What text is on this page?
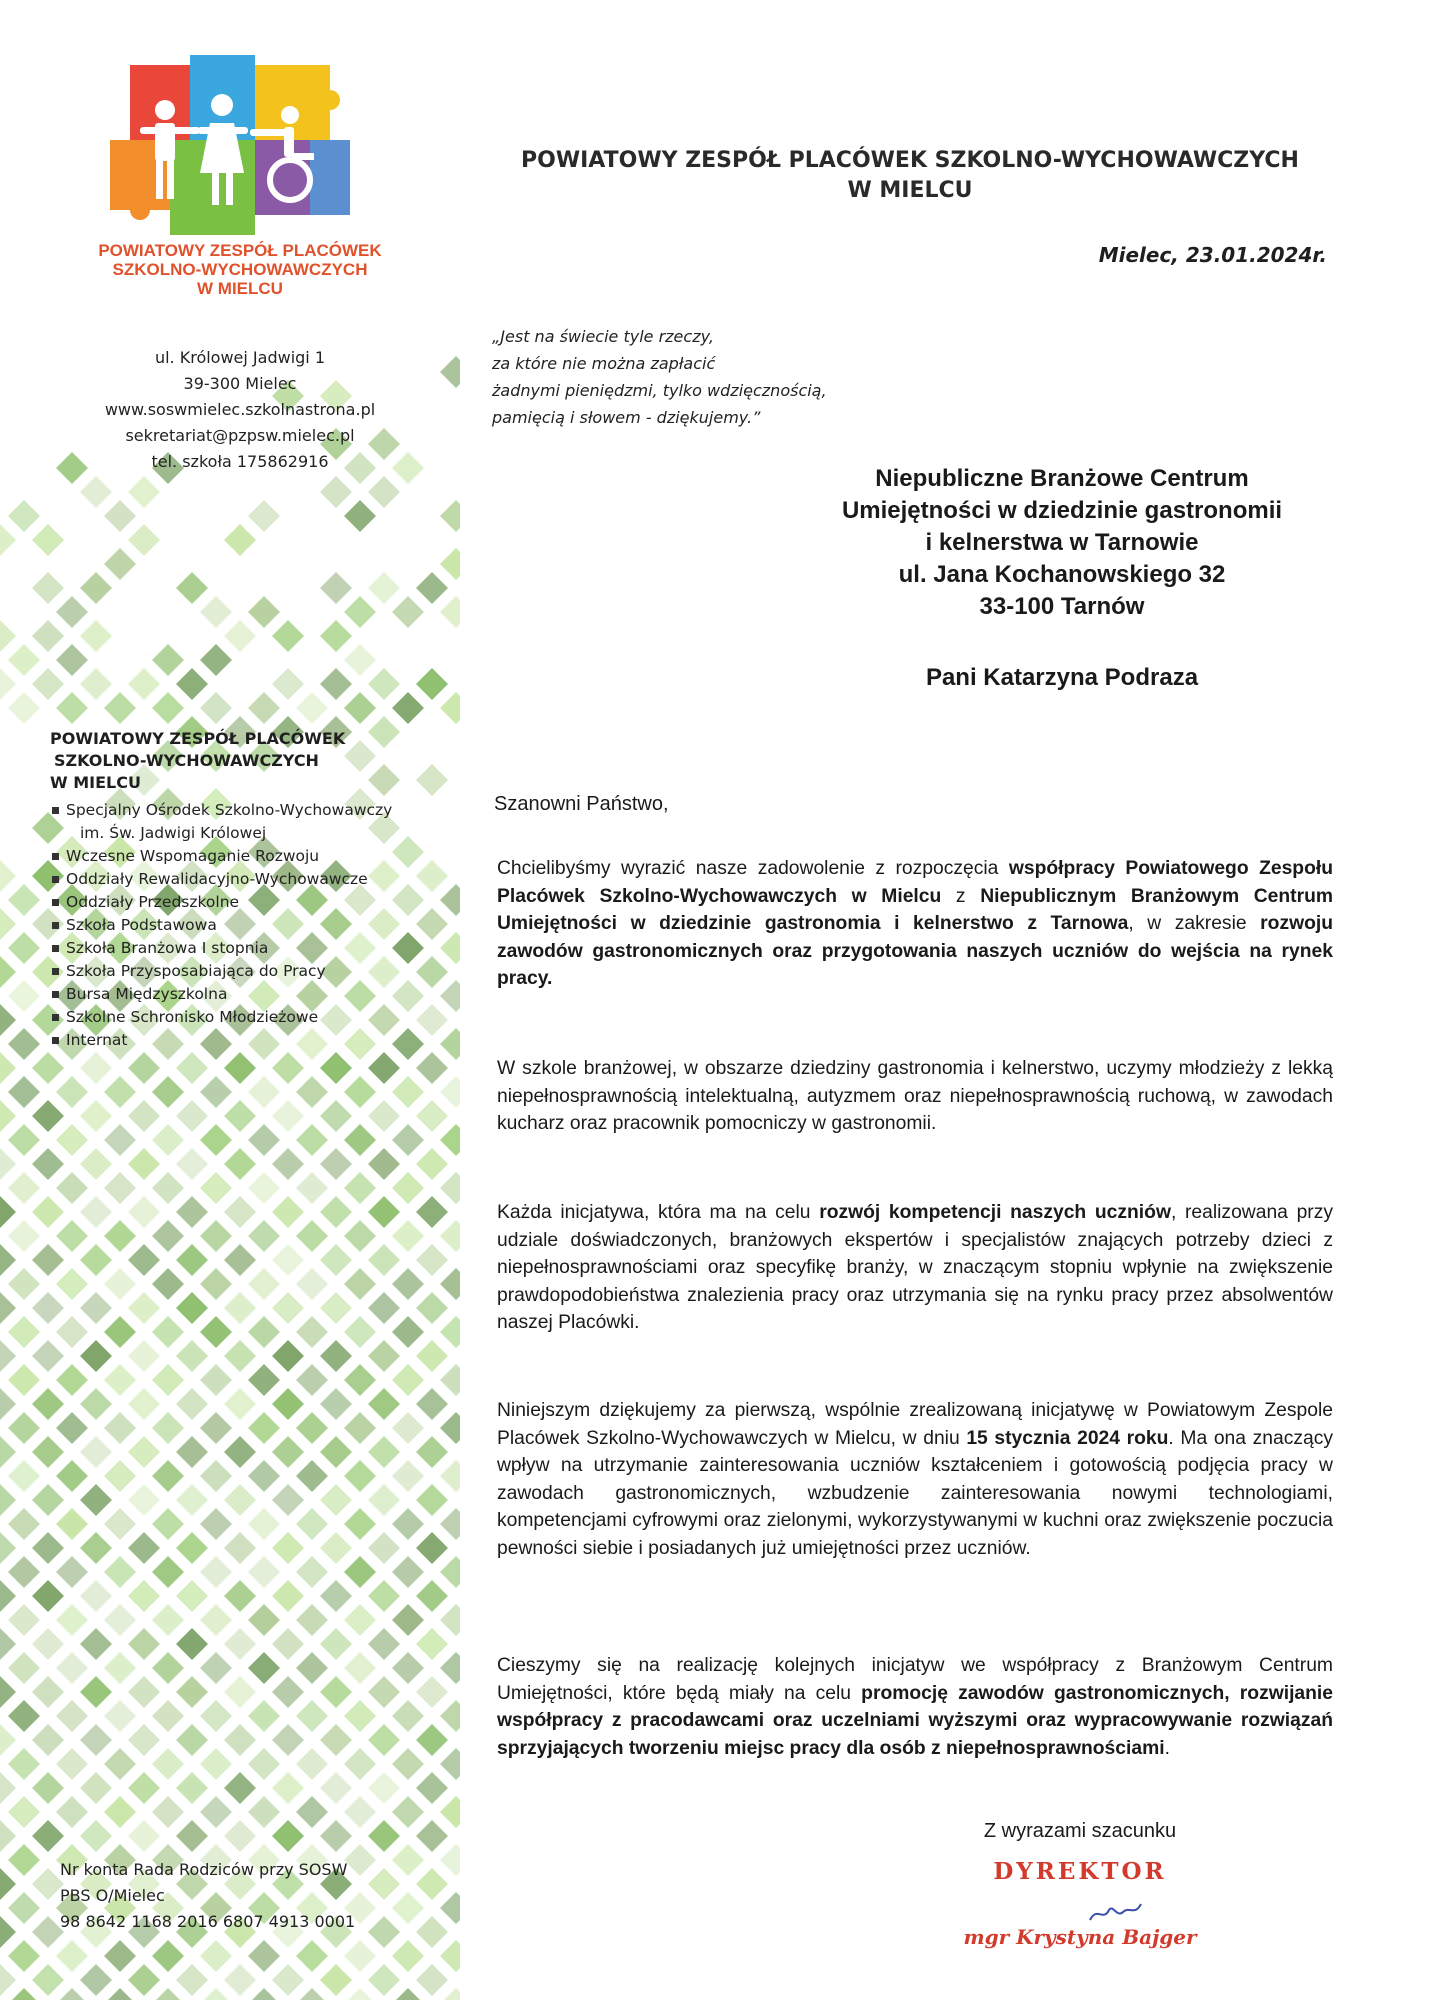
POWIATOWY ZESPÓŁ PLACÓWEK
SZKOLNO-WYCHOWAWCZYCH
W MIELCU
ul. Królowej Jadwigi 1
39-300 Mielec
www.soswmielec.szkolnastrona.pl
sekretariat@pzpsw.mielec.pl
tel. szkoła 175862916
POWIATOWY ZESPÓŁ PLACÓWEK
SZKOLNO-WYCHOWAWCZYCH
W MIELCU
Specjalny Ośrodek Szkolno-Wychowawczy
im. Św. Jadwigi Królowej
Wczesne Wspomaganie Rozwoju
Oddziały Rewalidacyjno-Wychowawcze
Oddziały Przedszkolne
Szkoła Podstawowa
Szkoła Branżowa I stopnia
Szkoła Przysposabiająca do Pracy
Bursa Międzyszkolna
Szkolne Schronisko Młodzieżowe
Internat
Nr konta Rada Rodziców przy SOSW
PBS O/Mielec
98 8642 1168 2016 6807 4913 0001
POWIATOWY ZESPÓŁ PLACÓWEK SZKOLNO-WYCHOWAWCZYCH
W MIELCU
Mielec, 23.01.2024r.
„Jest na świecie tyle rzeczy,
za które nie można zapłacić
żadnymi pieniędzmi, tylko wdzięcznością,
pamięcią i słowem - dziękujemy.”
Niepubliczne Branżowe Centrum
Umiejętności w dziedzinie gastronomii
i kelnerstwa w Tarnowie
ul. Jana Kochanowskiego 32
33-100 Tarnów
Pani Katarzyna Podraza
Szanowni Państwo,
Chcielibyśmy wyrazić nasze zadowolenie z rozpoczęcia współpracy Powiatowego Zespołu Placówek Szkolno-Wychowawczych w Mielcu z Niepublicznym Branżowym Centrum Umiejętności w dziedzinie gastronomia i kelnerstwo z Tarnowa, w zakresie rozwoju zawodów gastronomicznych oraz przygotowania naszych uczniów do wejścia na rynek pracy.
W szkole branżowej, w obszarze dziedziny gastronomia i kelnerstwo, uczymy młodzieży z lekką niepełnosprawnością intelektualną, autyzmem oraz niepełnosprawnością ruchową, w zawodach kucharz oraz pracownik pomocniczy w gastronomii.
Każda inicjatywa, która ma na celu rozwój kompetencji naszych uczniów, realizowana przy udziale doświadczonych, branżowych ekspertów i specjalistów znających potrzeby dzieci z niepełnosprawnościami oraz specyfikę branży, w znaczącym stopniu wpłynie na zwiększenie prawdopodobieństwa znalezienia pracy oraz utrzymania się na rynku pracy przez absolwentów naszej Placówki.
Niniejszym dziękujemy za pierwszą, wspólnie zrealizowaną inicjatywę w Powiatowym Zespole Placówek Szkolno-Wychowawczych w Mielcu, w dniu 15 stycznia 2024 roku. Ma ona znaczący wpływ na utrzymanie zainteresowania uczniów kształceniem i gotowością podjęcia pracy w zawodach gastronomicznych, wzbudzenie zainteresowania nowymi technologiami, kompetencjami cyfrowymi oraz zielonymi, wykorzystywanymi w kuchni oraz zwiększenie poczucia pewności siebie i posiadanych już umiejętności przez uczniów.
Cieszymy się na realizację kolejnych inicjatyw we współpracy z Branżowym Centrum Umiejętności, które będą miały na celu promocję zawodów gastronomicznych, rozwijanie współpracy z pracodawcami oraz uczelniami wyższymi oraz wypracowywanie rozwiązań sprzyjających tworzeniu miejsc pracy dla osób z niepełnosprawnościami.
Z wyrazami szacunku
DYREKTOR
mgr Krystyna Bajger
